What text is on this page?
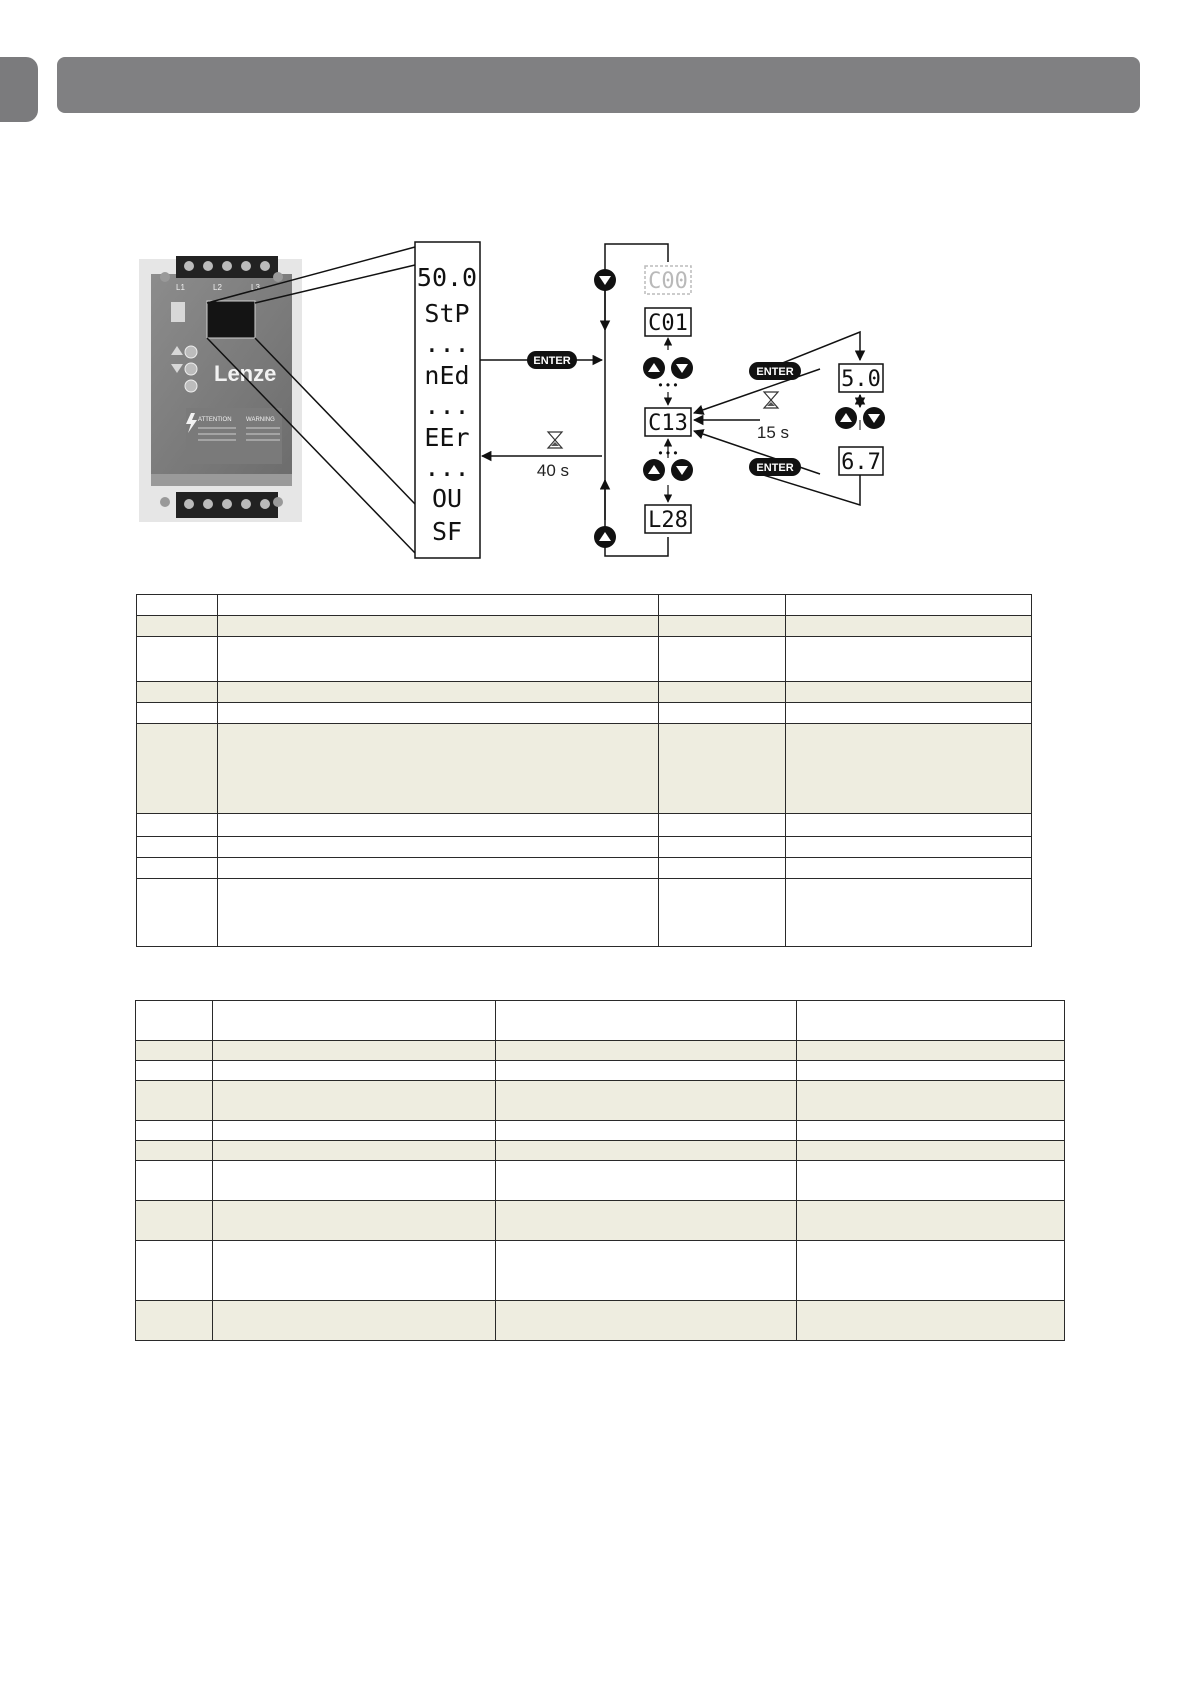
L1	L2	L3
Lenze
ATTENTION WARNING
50.0
StP
...
nEd
...
EEr
...
OU
SF
ENTER
40 s
C00
C01
• • •
C13
• • •
L28
ENTER
15 s
ENTER
5.0
6.7
